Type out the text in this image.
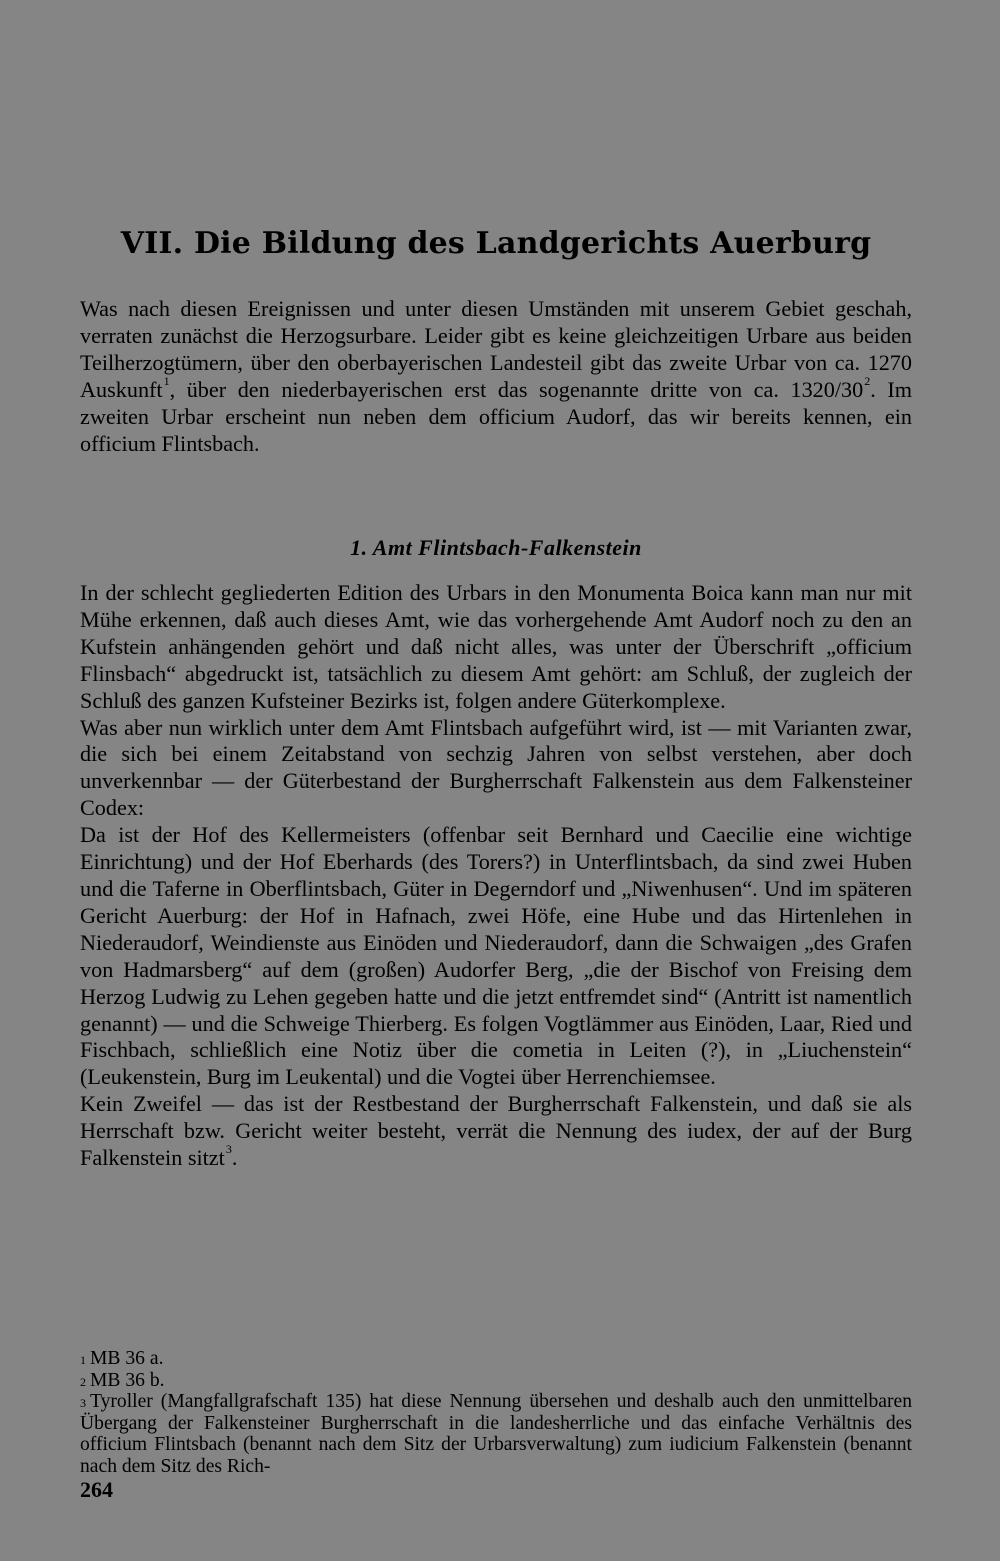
VII. Die Bildung des Landgerichts Auerburg

Was nach diesen Ereignissen und unter diesen Umständen mit unserem Gebiet geschah, verraten zunächst die Herzogsurbare. Leider gibt es keine gleichzeitigen Urbare aus beiden Teilherzogtümern, über den oberbayerischen Landesteil gibt das zweite Urbar von ca. 1270 Auskunft$^1$, über den niederbayerischen erst das sogenannte dritte von ca. 1320/30$^2$. Im zweiten Urbar erscheint nun neben dem officium Audorf, das wir bereits kennen, ein officium Flintsbach.

1. Amt Flintsbach-Falkenstein

In der schlecht gegliederten Edition des Urbars in den Monumenta Boica kann man nur mit Mühe erkennen, daß auch dieses Amt, wie das vorhergehende Amt Audorf noch zu den an Kufstein anhängenden gehört und daß nicht alles, was unter der Überschrift „officium Flinsbach“ abgedruckt ist, tatsächlich zu diesem Amt gehört: am Schluß, der zugleich der Schluß des ganzen Kufsteiner Bezirks ist, folgen andere Güterkomplexe.

Was aber nun wirklich unter dem Amt Flintsbach aufgeführt wird, ist — mit Varianten zwar, die sich bei einem Zeitabstand von sechzig Jahren von selbst verstehen, aber doch unverkennbar — der Güterbestand der Burgherrschaft Falkenstein aus dem Falkensteiner Codex:

Da ist der Hof des Kellermeisters (offenbar seit Bernhard und Caecilie eine wichtige Einrichtung) und der Hof Eberhards (des Torers?) in Unterflintsbach, da sind zwei Huben und die Taferne in Oberflintsbach, Güter in Degerndorf und „Niwenhusen“. Und im späteren Gericht Auerburg: der Hof in Hafnach, zwei Höfe, eine Hube und das Hirtenlehen in Niederaudorf, Weindienste aus Einöden und Niederaudorf, dann die Schwaigen „des Grafen von Hadmarsberg“ auf dem (großen) Audorfer Berg, „die der Bischof von Freising dem Herzog Ludwig zu Lehen gegeben hatte und die jetzt entfremdet sind“ (Antritt ist namentlich genannt) — und die Schweige Thierberg. Es folgen Vogtlämmer aus Einöden, Laar, Ried und Fischbach, schließlich eine Notiz über die cometia in Leiten (?), in „Liuchenstein“ (Leukenstein, Burg im Leukental) und die Vogtei über Herrenchiemsee.

Kein Zweifel — das ist der Restbestand der Burgherrschaft Falkenstein, und daß sie als Herrschaft bzw. Gericht weiter besteht, verrät die Nennung des iudex, der auf der Burg Falkenstein sitzt$^3$.

$^1$ MB 36 a.

$^2$ MB 36 b.

$^3$ Tyroller (Mangfallgrafschaft 135) hat diese Nennung übersehen und deshalb auch den unmittelbaren Übergang der Falkensteiner Burgherrschaft in die landesherrliche und das einfache Verhältnis des officium Flintsbach (benannt nach dem Sitz der Urbarsverwaltung) zum iudicium Falkenstein (benannt nach dem Sitz des Rich-

264
